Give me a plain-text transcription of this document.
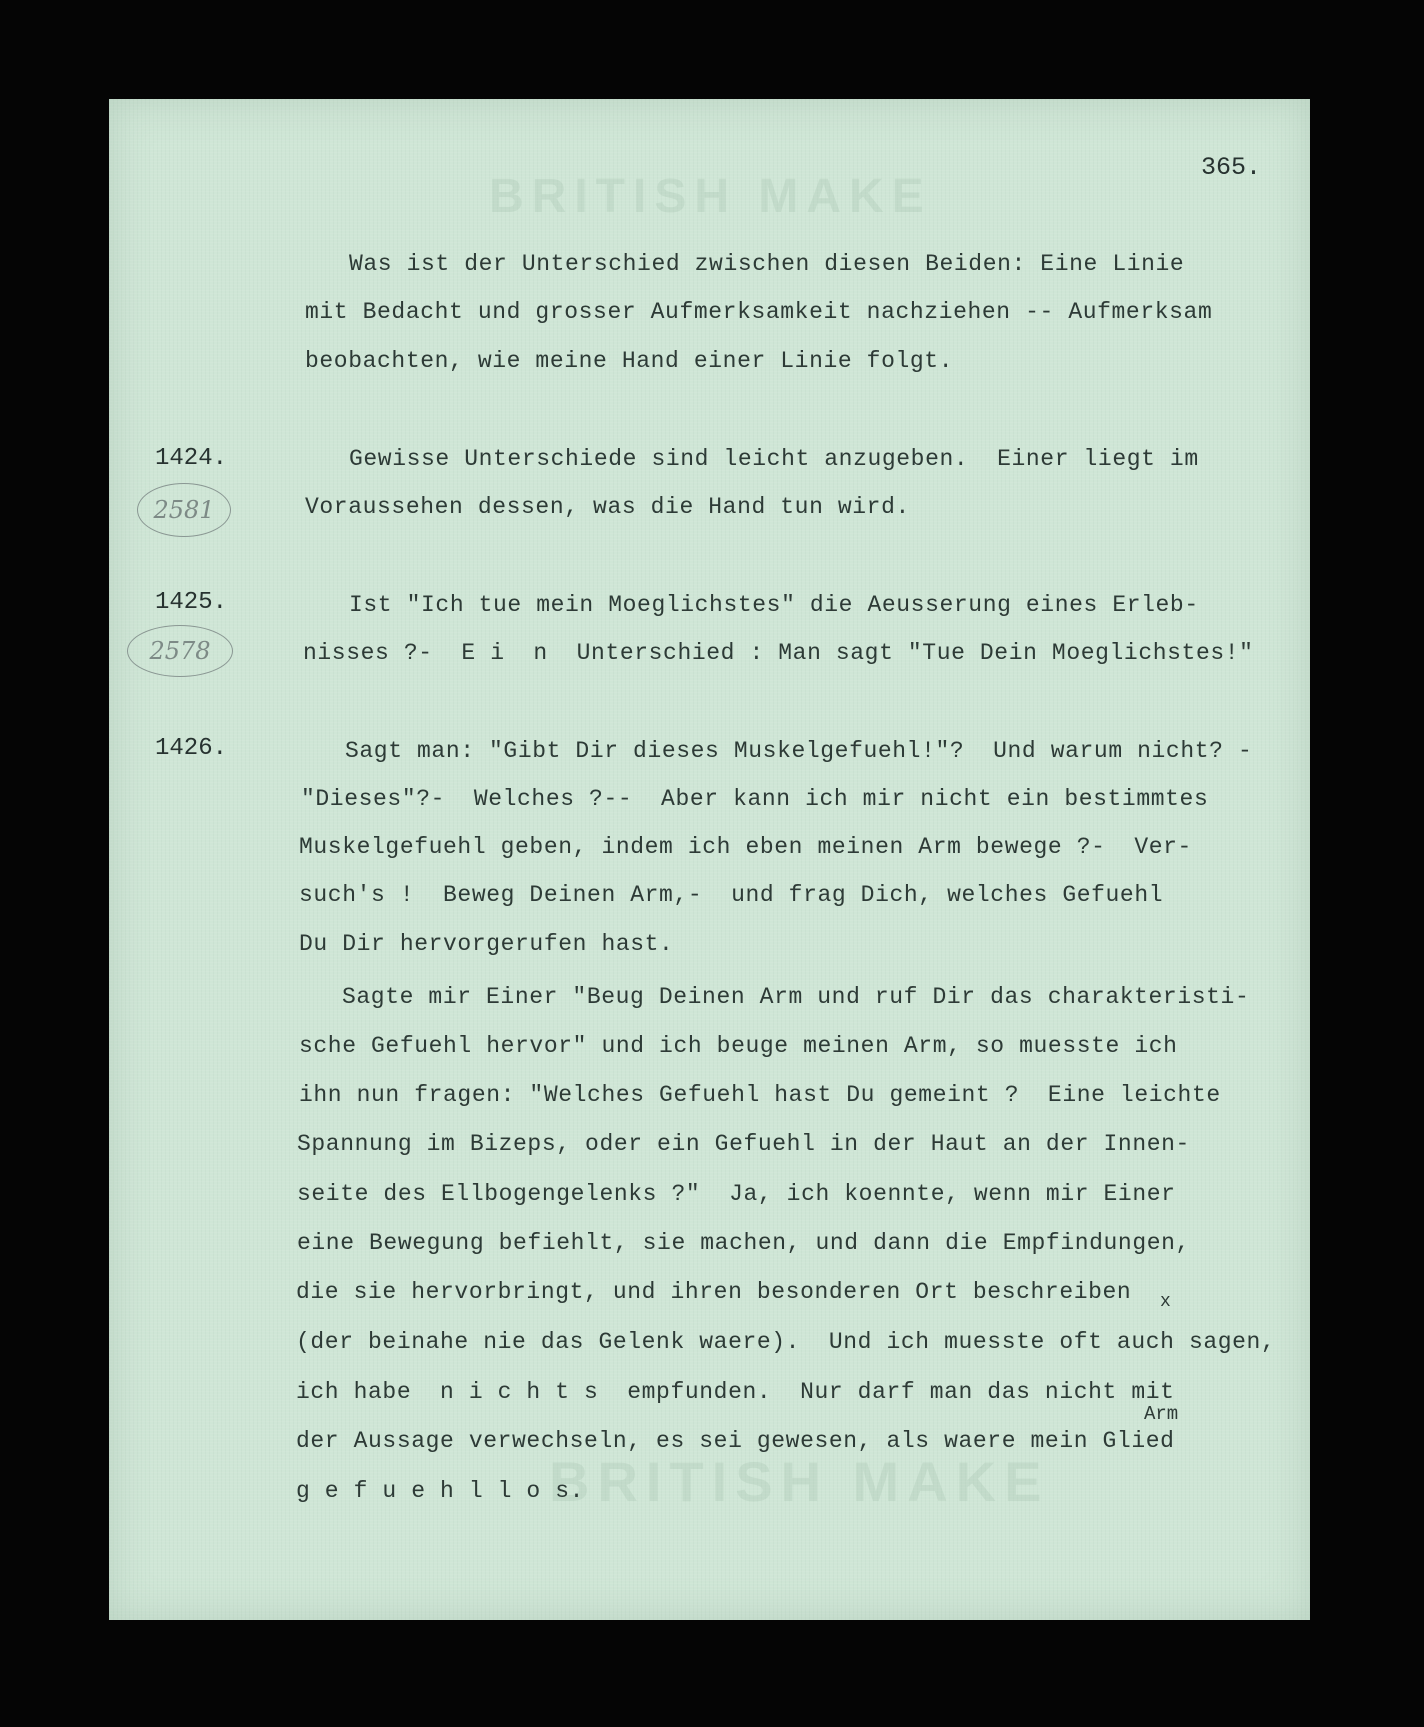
BRITISH MAKE
BRITISH MAKE
365.
1424.
1425.
1426.
2581
2578
Was ist der Unterschied zwischen diesen Beiden: Eine Linie
mit Bedacht und grosser Aufmerksamkeit nachziehen -- Aufmerksam
beobachten, wie meine Hand einer Linie folgt.
Gewisse Unterschiede sind leicht anzugeben.  Einer liegt im
Voraussehen dessen, was die Hand tun wird.
Ist "Ich tue mein Moeglichstes" die Aeusserung eines Erleb-
nisses ?-  E i  n  Unterschied : Man sagt "Tue Dein Moeglichstes!"
Sagt man: "Gibt Dir dieses Muskelgefuehl!"?  Und warum nicht? -
"Dieses"?-  Welches ?--  Aber kann ich mir nicht ein bestimmtes
Muskelgefuehl geben, indem ich eben meinen Arm bewege ?-  Ver-
such's !  Beweg Deinen Arm,-  und frag Dich, welches Gefuehl
Du Dir hervorgerufen hast.
Sagte mir Einer "Beug Deinen Arm und ruf Dir das charakteristi-
sche Gefuehl hervor" und ich beuge meinen Arm, so muesste ich
ihn nun fragen: "Welches Gefuehl hast Du gemeint ?  Eine leichte
Spannung im Bizeps, oder ein Gefuehl in der Haut an der Innen-
seite des Ellbogengelenks ?"  Ja, ich koennte, wenn mir Einer
eine Bewegung befiehlt, sie machen, und dann die Empfindungen,
die sie hervorbringt, und ihren besonderen Ort beschreiben x
(der beinahe nie das Gelenk waere).  Und ich muesste oft auch sagen,
ich habe  n i c h t s  empfunden.  Nur darf man das nicht mit
Arm
der Aussage verwechseln, es sei gewesen, als waere mein Glied
g e f u e h l l o s.
